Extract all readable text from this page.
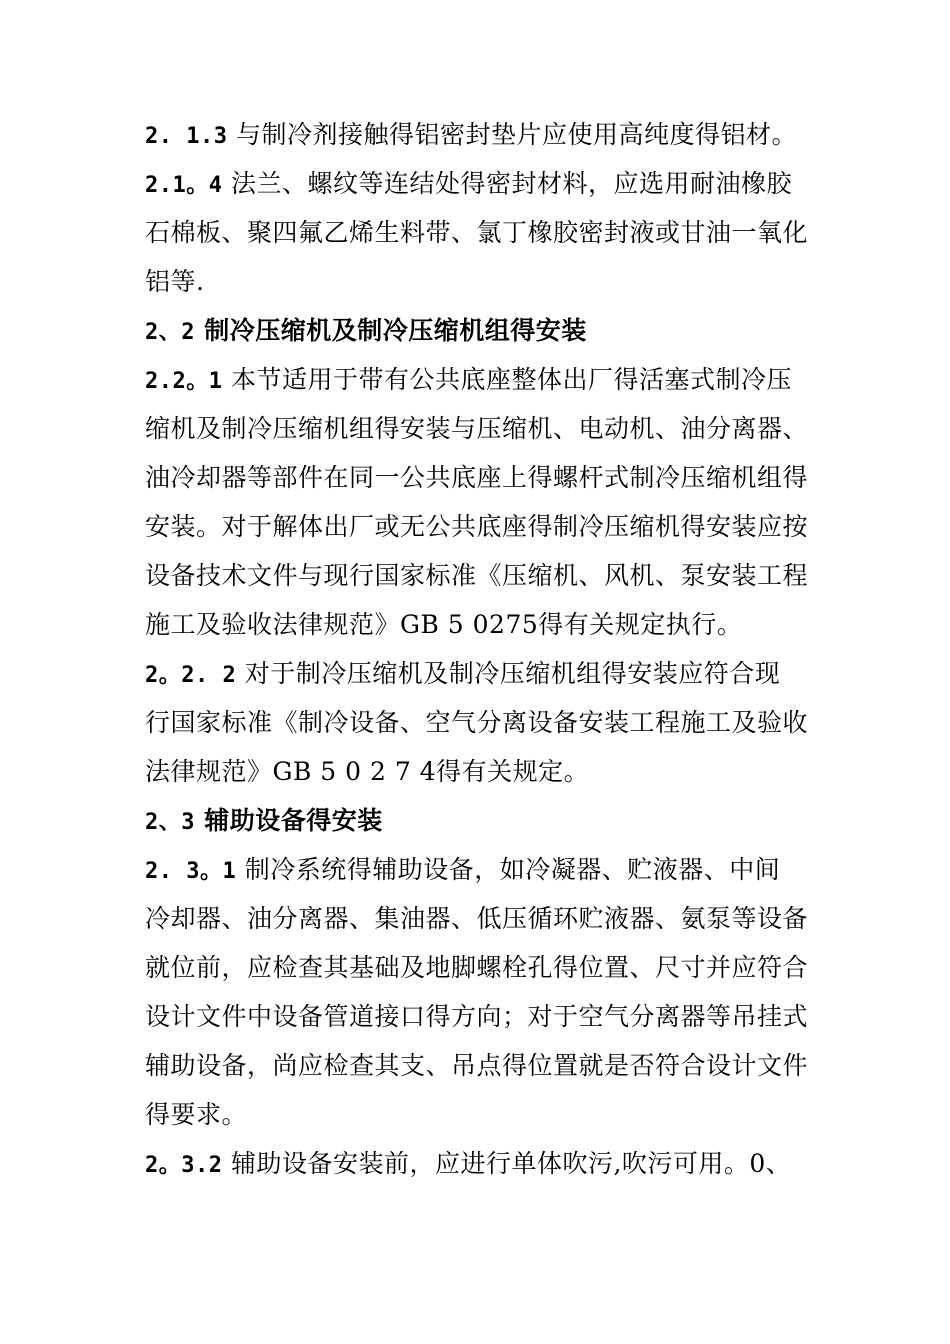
2. 1.3 与制冷剂接触得铝密封垫片应使用高纯度得铝材。
2.1。4 法兰、螺纹等连结处得密封材料，应选用耐油橡胶
石棉板、聚四氟乙烯生料带、氯丁橡胶密封液或甘油一氧化
铝等.
2、2 制冷压缩机及制冷压缩机组得安装
2.2。1 本节适用于带有公共底座整体出厂得活塞式制冷压
缩机及制冷压缩机组得安装与压缩机、电动机、油分离器、
油冷却器等部件在同一公共底座上得螺杆式制冷压缩机组得
安装。对于解体出厂或无公共底座得制冷压缩机得安装应按
设备技术文件与现行国家标准《压缩机、风机、泵安装工程
施工及验收法律规范》GB 5 0275得有关规定执行。
2。2. 2 对于制冷压缩机及制冷压缩机组得安装应符合现
行国家标准《制冷设备、空气分离设备安装工程施工及验收
法律规范》GB 5 0 2 7 4得有关规定。
2、3 辅助设备得安装
2. 3。1 制冷系统得辅助设备，如冷凝器、贮液器、中间
冷却器、油分离器、集油器、低压循环贮液器、氨泵等设备
就位前，应检查其基础及地脚螺栓孔得位置、尺寸并应符合
设计文件中设备管道接口得方向；对于空气分离器等吊挂式
辅助设备，尚应检查其支、吊点得位置就是否符合设计文件
得要求。
2。3.2 辅助设备安装前，应进行单体吹污,吹污可用。0、
